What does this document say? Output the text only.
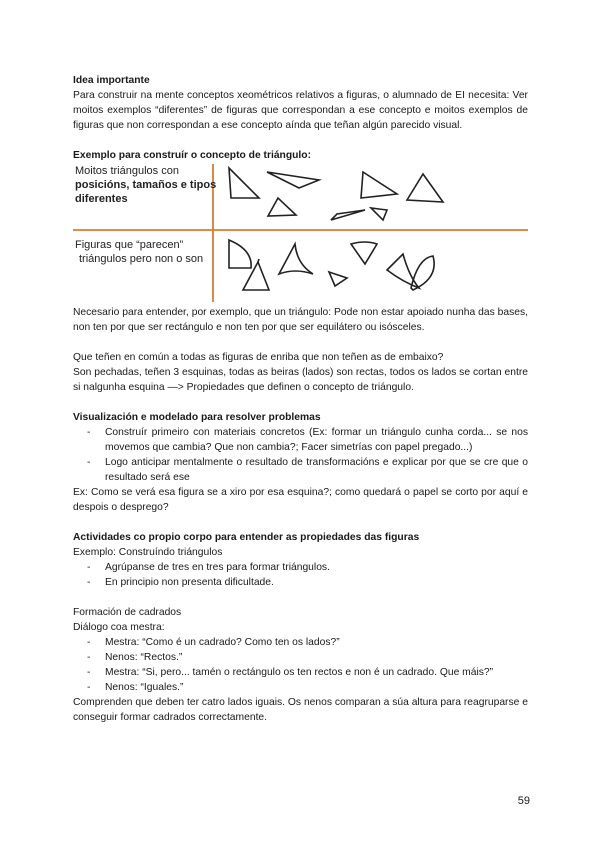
Idea importante

Para construir na mente conceptos xeométricos relativos a figuras, o alumnado de EI necesita: Ver moitos exemplos “diferentes” de figuras que correspondan a ese concepto e moitos exemplos de figuras que non correspondan a ese concepto aínda que teñan algún parecido visual.

Exemplo para construír o concepto de triángulo:
Moitos triángulos con
posicións, tamaños e tipos
diferentes
Figuras que “parecen”
triángulos pero non o son

Necesario para entender, por exemplo, que un triángulo: Pode non estar apoiado nunha das bases, non ten por que ser rectángulo e non ten por que ser equilátero ou isósceles.

Que teñen en común a todas as figuras de enriba que non teñen as de embaixo?

Son pechadas, teñen 3 esquinas, todas as beiras (lados) son rectas, todos os lados se cortan entre si nalgunha esquina —> Propiedades que definen o concepto de triángulo.

Visualización e modelado para resolver problemas
- Construír primeiro con materiais concretos (Ex: formar un triángulo cunha corda... se nos movemos que cambia? Que non cambia?; Facer simetrías con papel pregado...)
- Logo anticipar mentalmente o resultado de transformacións e explicar por que se cre que o resultado será ese

Ex: Como se verá esa figura se a xiro por esa esquina?; como quedará o papel se corto por aquí e despois o desprego?

Actividades co propio corpo para entender as propiedades das figuras

Exemplo: Construíndo triángulos

- Agrúpanse de tres en tres para formar triángulos.
- En principio non presenta dificultade.

Formación de cadrados

Diálogo coa mestra:

- Mestra: “Como é un cadrado? Como ten os lados?”
- Nenos: “Rectos.”
- Mestra: “Si, pero... tamén o rectángulo os ten rectos e non é un cadrado. Que máis?”
- Nenos: “Iguales.”

Comprenden que deben ter catro lados iguais. Os nenos comparan a súa altura para reagruparse e conseguir formar cadrados correctamente.

59
